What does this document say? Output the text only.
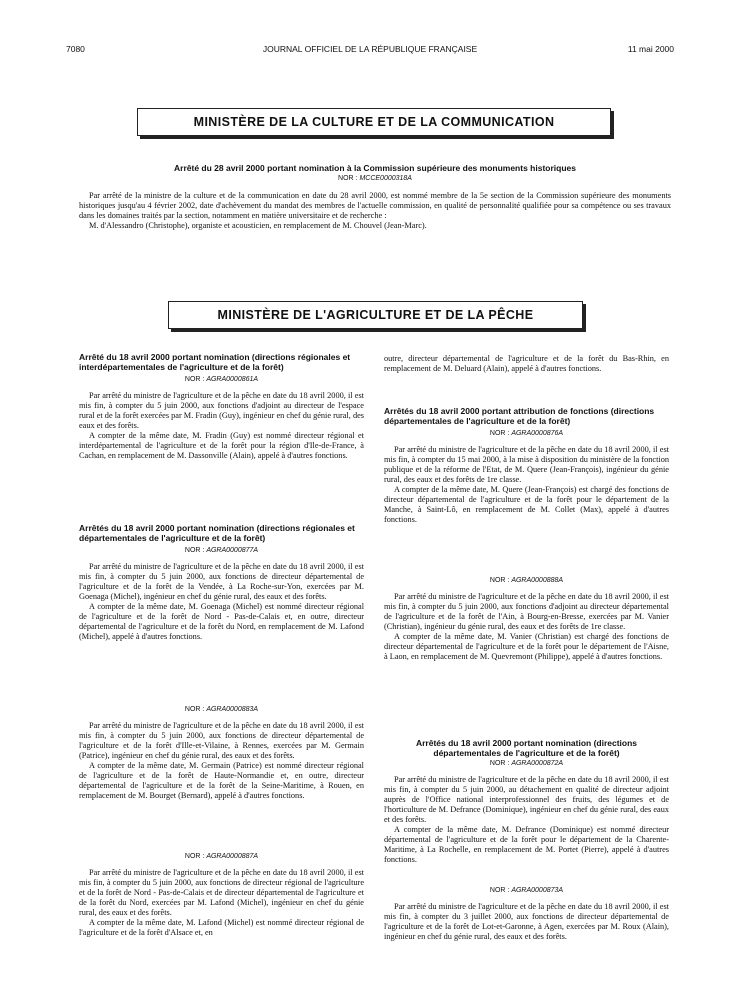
7080	JOURNAL OFFICIEL DE LA RÉPUBLIQUE FRANÇAISE	11 mai 2000
MINISTÈRE DE LA CULTURE ET DE LA COMMUNICATION
Arrêté du 28 avril 2000 portant nomination à la Commission supérieure des monuments historiques
NOR : MCCE0000318A

Par arrêté de la ministre de la culture et de la communication en date du 28 avril 2000, est nommé membre de la 5e section de la Commission supérieure des monuments historiques jusqu'au 4 février 2002, date d'achèvement du mandat des membres de l'actuelle commission, en qualité de personnalité qualifiée pour sa compétence ou ses travaux dans les domaines traités par la section, notamment en matière universitaire et de recherche :

M. d'Alessandro (Christophe), organiste et acousticien, en remplacement de M. Chouvel (Jean-Marc).

MINISTÈRE DE L'AGRICULTURE ET DE LA PÊCHE
Arrêté du 18 avril 2000 portant nomination (directions régionales et interdépartementales de l'agriculture et de la forêt)
NOR : AGRA0000861A

Par arrêté du ministre de l'agriculture et de la pêche en date du 18 avril 2000, il est mis fin, à compter du 5 juin 2000, aux fonctions d'adjoint au directeur de l'espace rural et de la forêt exercées par M. Fradin (Guy), ingénieur en chef du génie rural, des eaux et des forêts.

A compter de la même date, M. Fradin (Guy) est nommé directeur régional et interdépartemental de l'agriculture et de la forêt pour la région d'Ile-de-France, à Cachan, en remplacement de M. Dassonville (Alain), appelé à d'autres fonctions.

Arrêtés du 18 avril 2000 portant nomination (directions régionales et départementales de l'agriculture et de la forêt)
NOR : AGRA0000877A

Par arrêté du ministre de l'agriculture et de la pêche en date du 18 avril 2000, il est mis fin, à compter du 5 juin 2000, aux fonctions de directeur départemental de l'agriculture et de la forêt de la Vendée, à La Roche-sur-Yon, exercées par M. Goenaga (Michel), ingénieur en chef du génie rural, des eaux et des forêts.

A compter de la même date, M. Goenaga (Michel) est nommé directeur régional de l'agriculture et de la forêt de Nord - Pas-de-Calais et, en outre, directeur départemental de l'agriculture et de la forêt du Nord, en remplacement de M. Lafond (Michel), appelé à d'autres fonctions.

NOR : AGRA0000883A

Par arrêté du ministre de l'agriculture et de la pêche en date du 18 avril 2000, il est mis fin, à compter du 5 juin 2000, aux fonctions de directeur départemental de l'agriculture et de la forêt d'Ille-et-Vilaine, à Rennes, exercées par M. Germain (Patrice), ingénieur en chef du génie rural, des eaux et des forêts.

A compter de la même date, M. Germain (Patrice) est nommé directeur régional de l'agriculture et de la forêt de Haute-Normandie et, en outre, directeur départemental de l'agriculture et de la forêt de la Seine-Maritime, à Rouen, en remplacement de M. Bourget (Bernard), appelé à d'autres fonctions.

NOR : AGRA0000887A

Par arrêté du ministre de l'agriculture et de la pêche en date du 18 avril 2000, il est mis fin, à compter du 5 juin 2000, aux fonctions de directeur régional de l'agriculture et de la forêt de Nord - Pas-de-Calais et de directeur départemental de l'agriculture et de la forêt du Nord, exercées par M. Lafond (Michel), ingénieur en chef du génie rural, des eaux et des forêts.

A compter de la même date, M. Lafond (Michel) est nommé directeur régional de l'agriculture et de la forêt d'Alsace et, en

outre, directeur départemental de l'agriculture et de la forêt du Bas-Rhin, en remplacement de M. Deluard (Alain), appelé à d'autres fonctions.

Arrêtés du 18 avril 2000 portant attribution de fonctions (directions départementales de l'agriculture et de la forêt)
NOR : AGRA0000876A

Par arrêté du ministre de l'agriculture et de la pêche en date du 18 avril 2000, il est mis fin, à compter du 15 mai 2000, à la mise à disposition du ministère de la fonction publique et de la réforme de l'Etat, de M. Quere (Jean-François), ingénieur du génie rural, des eaux et des forêts de 1re classe.

A compter de la même date, M. Quere (Jean-François) est chargé des fonctions de directeur départemental de l'agriculture et de la forêt pour le département de la Manche, à Saint-Lô, en remplacement de M. Collet (Max), appelé à d'autres fonctions.

NOR : AGRA0000888A

Par arrêté du ministre de l'agriculture et de la pêche en date du 18 avril 2000, il est mis fin, à compter du 5 juin 2000, aux fonctions d'adjoint au directeur départemental de l'agriculture et de la forêt de l'Ain, à Bourg-en-Bresse, exercées par M. Vanier (Christian), ingénieur du génie rural, des eaux et des forêts de 1re classe.

A compter de la même date, M. Vanier (Christian) est chargé des fonctions de directeur départemental de l'agriculture et de la forêt pour le département de l'Aisne, à Laon, en remplacement de M. Quevremont (Philippe), appelé à d'autres fonctions.

Arrêtés du 18 avril 2000 portant nomination (directions départementales de l'agriculture et de la forêt)
NOR : AGRA0000872A

Par arrêté du ministre de l'agriculture et de la pêche en date du 18 avril 2000, il est mis fin, à compter du 5 juin 2000, au détachement en qualité de directeur adjoint auprès de l'Office national interprofessionnel des fruits, des légumes et de l'horticulture de M. Defrance (Dominique), ingénieur en chef du génie rural, des eaux et des forêts.

A compter de la même date, M. Defrance (Dominique) est nommé directeur départemental de l'agriculture et de la forêt pour le département de la Charente-Maritime, à La Rochelle, en remplacement de M. Portet (Pierre), appelé à d'autres fonctions.

NOR : AGRA0000873A

Par arrêté du ministre de l'agriculture et de la pêche en date du 18 avril 2000, il est mis fin, à compter du 3 juillet 2000, aux fonctions de directeur départemental de l'agriculture et de la forêt de Lot-et-Garonne, à Agen, exercées par M. Roux (Alain), ingénieur en chef du génie rural, des eaux et des forêts.
